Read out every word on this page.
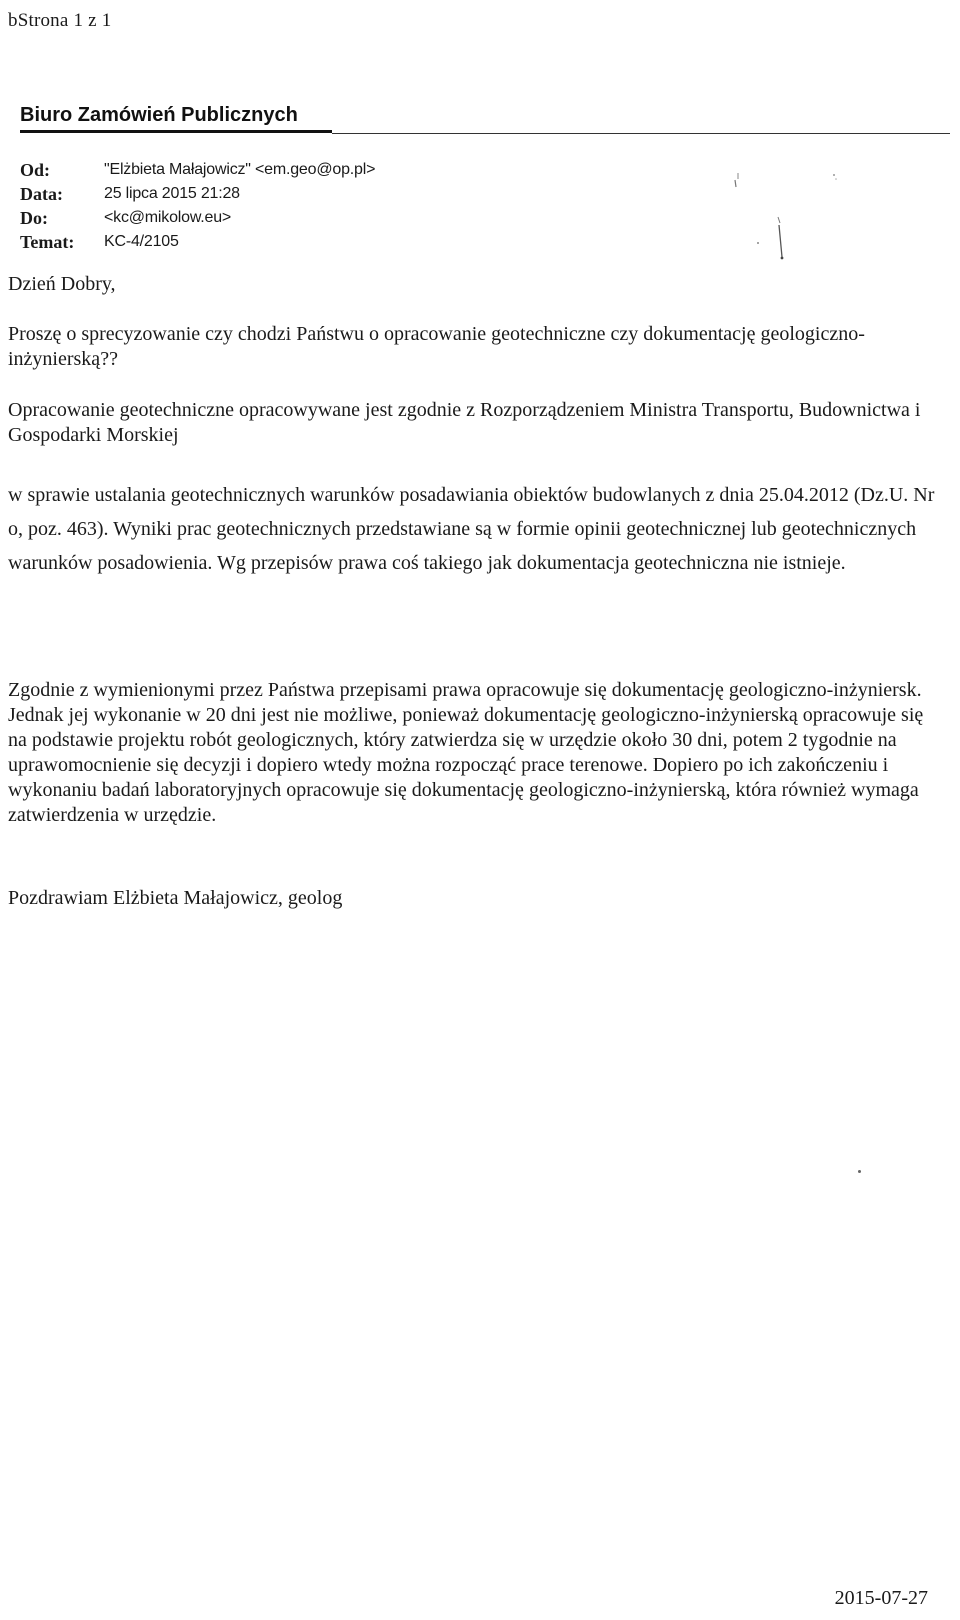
bStrona 1 z 1
Biuro Zamówień Publicznych
Od:	"Elżbieta Małajowicz" <em.geo@op.pl>
Data:	25 lipca 2015 21:28
Do:	<kc@mikolow.eu>
Temat:	KC-4/2105

Dzień Dobry,

Proszę o sprecyzowanie czy chodzi Państwu o opracowanie geotechniczne czy dokumentację geologiczno-inżynierską??

Opracowanie geotechniczne opracowywane jest zgodnie z Rozporządzeniem Ministra Transportu, Budownictwa i Gospodarki Morskiej

w sprawie ustalania geotechnicznych warunków posadawiania obiektów budowlanych z dnia 25.04.2012 (Dz.U. Nr o, poz. 463). Wyniki prac geotechnicznych przedstawiane są w formie opinii geotechnicznej lub geotechnicznych warunków posadowienia. Wg przepisów prawa coś takiego jak dokumentacja geotechniczna nie istnieje.

Zgodnie z wymienionymi przez Państwa przepisami prawa opracowuje się dokumentację geologiczno-inżyniersk. Jednak jej wykonanie w 20 dni jest nie możliwe, ponieważ dokumentację geologiczno-inżynierską opracowuje się na podstawie projektu robót geologicznych, który zatwierdza się w urzędzie około 30 dni, potem 2 tygodnie na uprawomocnienie się decyzji i dopiero wtedy można rozpocząć prace terenowe. Dopiero po ich zakończeniu i wykonaniu badań laboratoryjnych opracowuje się dokumentację geologiczno-inżynierską, która również wymaga zatwierdzenia w urzędzie.

Pozdrawiam Elżbieta Małajowicz, geolog

2015-07-27
